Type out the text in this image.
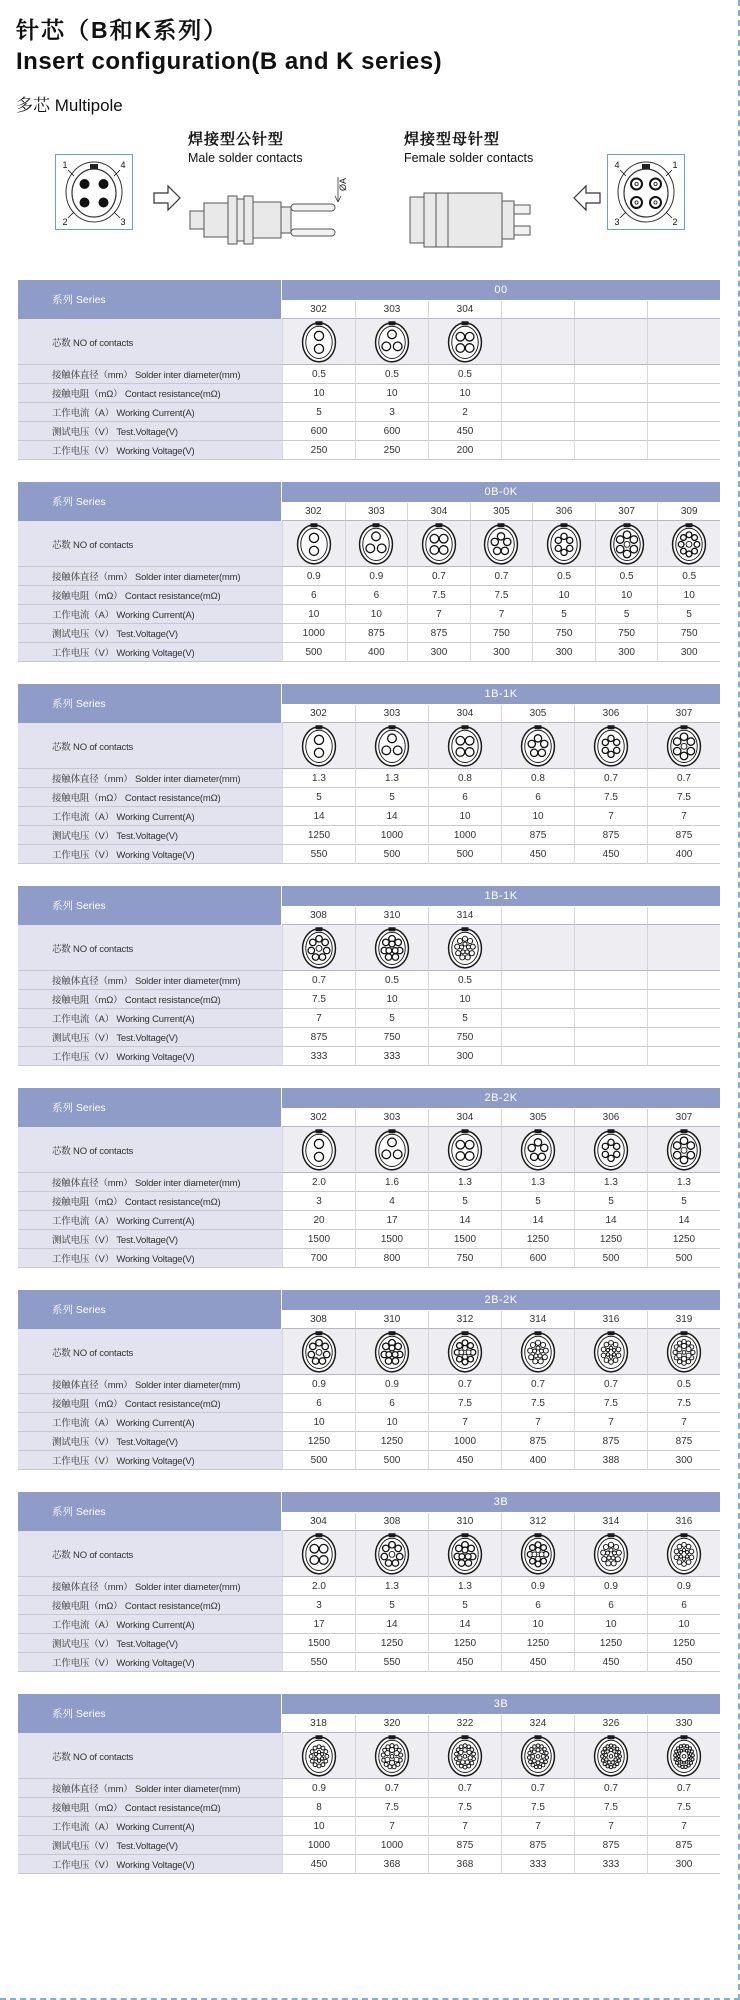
针芯（B和K系列）
Insert configuration(B and K series)
多芯 Multipole
1	4
2	3
焊接型公针型
Male solder contacts
ØA
焊接型母针型
Female solder contacts	4	1
3	2
系列 Series
00
302	303	304
芯数 NO of contacts
接触体直径（mm） Solder inter diameter(mm)	0.5	0.5	0.5
接触电阻（mΩ） Contact resistance(mΩ)	10	10	10
工作电流（A） Working Current(A)	5	3	2
测试电压（V） Test.Voltage(V)	600	600	450
工作电压（V） Working Voltage(V)	250	250	200
系列 Series
0B-0K
302	303	304	305	306	307	309
芯数 NO of contacts
接触体直径（mm） Solder inter diameter(mm)	0.9	0.9	0.7	0.7	0.5	0.5	0.5
接触电阻（mΩ） Contact resistance(mΩ)	6	6	7.5	7.5	10	10	10
工作电流（A） Working Current(A)	10	10	7	7	5	5	5
测试电压（V） Test.Voltage(V)	1000	875	875	750	750	750	750
工作电压（V） Working Voltage(V)	500	400	300	300	300	300	300
系列 Series
1B-1K
302	303	304	305	306	307
芯数 NO of contacts
接触体直径（mm） Solder inter diameter(mm)	1.3	1.3	0.8	0.8	0.7	0.7
接触电阻（mΩ） Contact resistance(mΩ)	5	5	6	6	7.5	7.5
工作电流（A） Working Current(A)	14	14	10	10	7	7
测试电压（V） Test.Voltage(V)	1250	1000	1000	875	875	875
工作电压（V） Working Voltage(V)	550	500	500	450	450	400
系列 Series
1B-1K
308	310	314
芯数 NO of contacts
接触体直径（mm） Solder inter diameter(mm)	0.7	0.5	0.5
接触电阻（mΩ） Contact resistance(mΩ)	7.5	10	10
工作电流（A） Working Current(A)	7	5	5
测试电压（V） Test.Voltage(V)	875	750	750
工作电压（V） Working Voltage(V)	333	333	300
系列 Series
2B-2K
302	303	304	305	306	307
芯数 NO of contacts
接触体直径（mm） Solder inter diameter(mm)	2.0	1.6	1.3	1.3	1.3	1.3
接触电阻（mΩ） Contact resistance(mΩ)	3	4	5	5	5	5
工作电流（A） Working Current(A)	20	17	14	14	14	14
测试电压（V） Test.Voltage(V)	1500	1500	1500	1250	1250	1250
工作电压（V） Working Voltage(V)	700	800	750	600	500	500
系列 Series
2B-2K
308	310	312	314	316	319
芯数 NO of contacts
接触体直径（mm） Solder inter diameter(mm)	0.9	0.9	0.7	0.7	0.7	0.5
接触电阻（mΩ） Contact resistance(mΩ)	6	6	7.5	7.5	7.5	7.5
工作电流（A） Working Current(A)	10	10	7	7	7	7
测试电压（V） Test.Voltage(V)	1250	1250	1000	875	875	875
工作电压（V） Working Voltage(V)	500	500	450	400	388	300
系列 Series
3B
304	308	310	312	314	316
芯数 NO of contacts
接触体直径（mm） Solder inter diameter(mm)	2.0	1.3	1.3	0.9	0.9	0.9
接触电阻（mΩ） Contact resistance(mΩ)	3	5	5	6	6	6
工作电流（A） Working Current(A)	17	14	14	10	10	10
测试电压（V） Test.Voltage(V)	1500	1250	1250	1250	1250	1250
工作电压（V） Working Voltage(V)	550	550	450	450	450	450
系列 Series
3B
318	320	322	324	326	330
芯数 NO of contacts
接触体直径（mm） Solder inter diameter(mm)	0.9	0.7	0.7	0.7	0.7	0.7
接触电阻（mΩ） Contact resistance(mΩ)	8	7.5	7.5	7.5	7.5	7.5
工作电流（A） Working Current(A)	10	7	7	7	7	7
测试电压（V） Test.Voltage(V)	1000	1000	875	875	875	875
工作电压（V） Working Voltage(V)	450	368	368	333	333	300
